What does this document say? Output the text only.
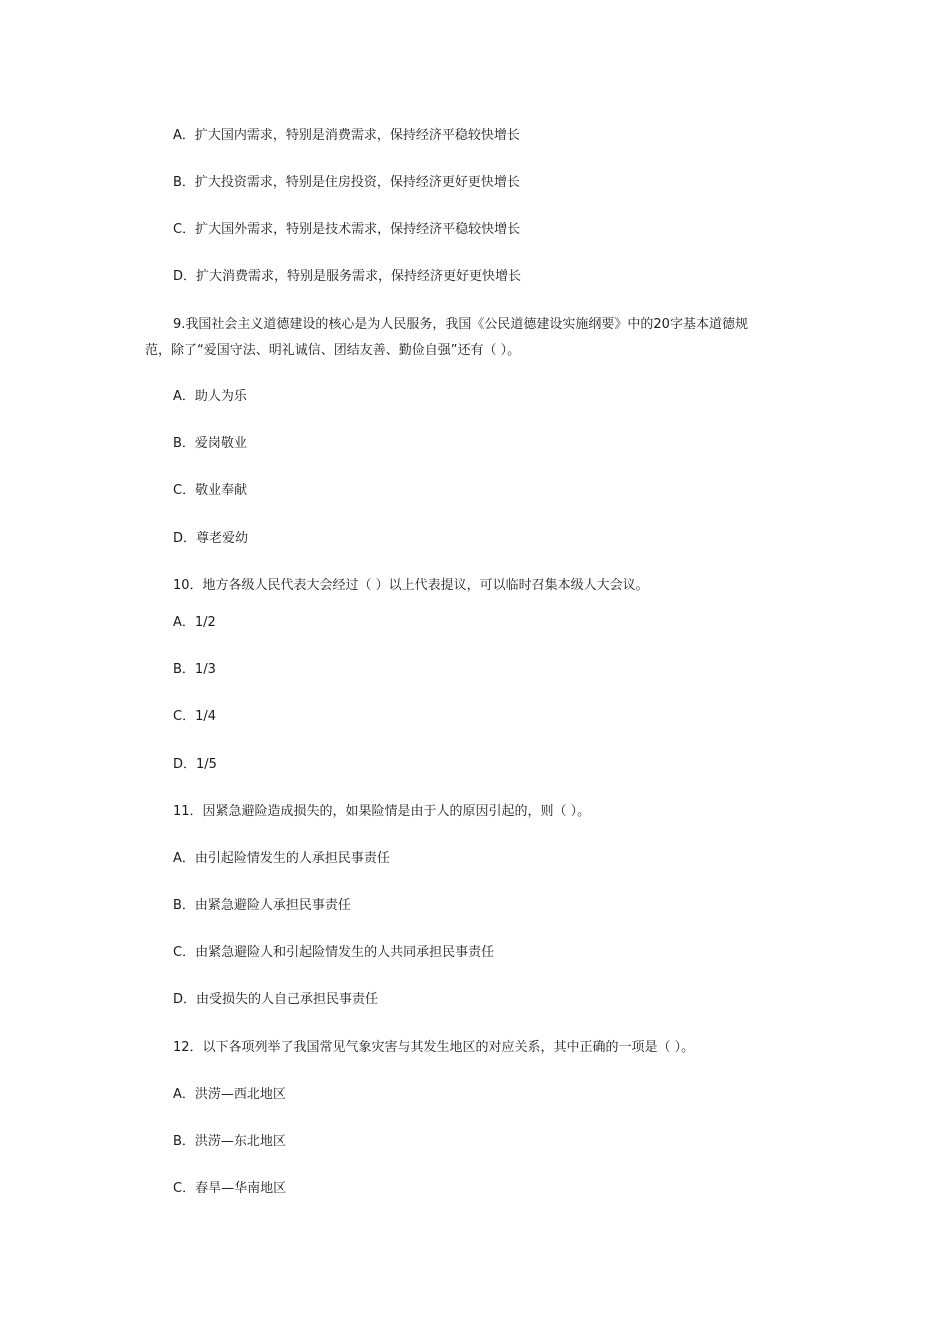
A．扩大国内需求，特别是消费需求，保持经济平稳较快增长
B．扩大投资需求，特别是住房投资，保持经济更好更快增长
C．扩大国外需求，特别是技术需求，保持经济平稳较快增长
D．扩大消费需求，特别是服务需求，保持经济更好更快增长
9.我国社会主义道德建设的核心是为人民服务，我国《公民道德建设实施纲要》中的20字基本道德规
范，除了“爱国守法、明礼诚信、团结友善、勤俭自强”还有（ ）。
A．助人为乐
B．爱岗敬业
C．敬业奉献
D．尊老爱幼
10．地方各级人民代表大会经过（ ）以上代表提议，可以临时召集本级人大会议。
A．1/2
B．1/3
C．1/4
D．1/5
11．因紧急避险造成损失的，如果险情是由于人的原因引起的，则（ ）。
A．由引起险情发生的人承担民事责任
B．由紧急避险人承担民事责任
C．由紧急避险人和引起险情发生的人共同承担民事责任
D．由受损失的人自己承担民事责任
12．以下各项列举了我国常见气象灾害与其发生地区的对应关系，其中正确的一项是（ ）。
A．洪涝—西北地区
B．洪涝—东北地区
C．春旱—华南地区
